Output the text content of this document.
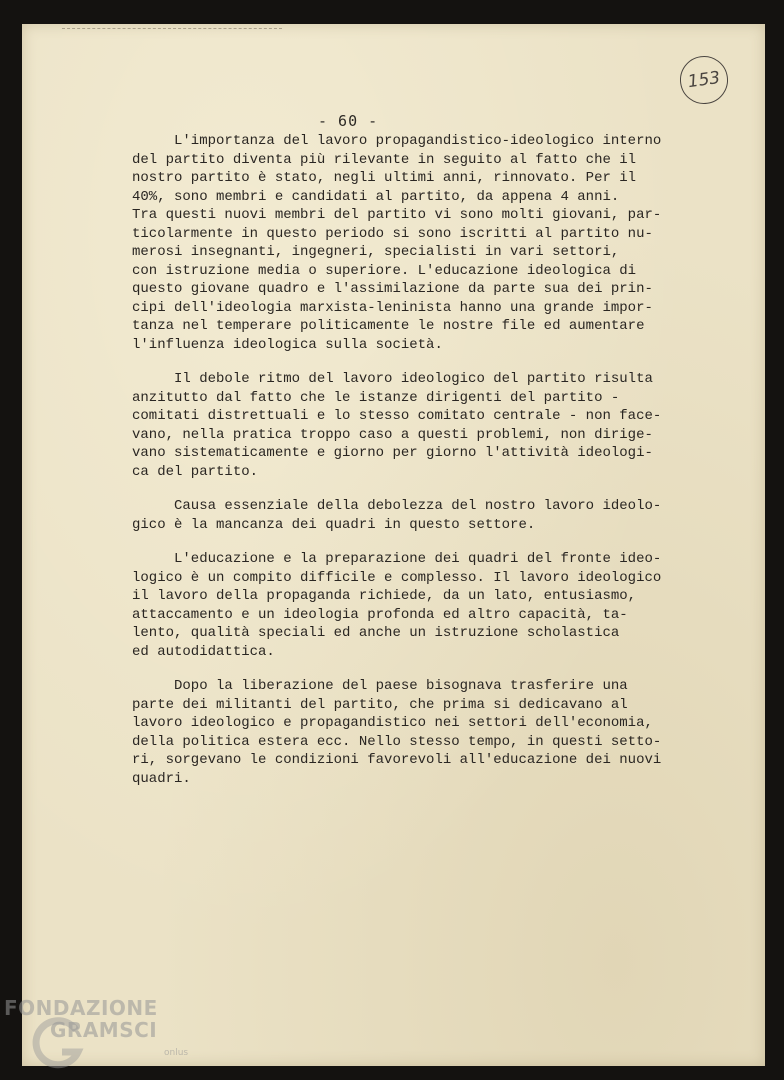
153
- 60 -

L'importanza del lavoro propagandistico-ideologico interno
del partito diventa più rilevante in seguito al fatto che il
nostro partito è stato, negli ultimi anni, rinnovato. Per il
40%, sono membri e candidati al partito, da appena 4 anni.
Tra questi nuovi membri del partito vi sono molti giovani, par-
ticolarmente in questo periodo si sono iscritti al partito nu-
merosi insegnanti, ingegneri, specialisti in vari settori,
con istruzione media o superiore. L'educazione ideologica di
questo giovane quadro e l'assimilazione da parte sua dei prin-
cipi dell'ideologia marxista-leninista hanno una grande impor-
tanza nel temperare politicamente le nostre file ed aumentare
l'influenza ideologica sulla società.

Il debole ritmo del lavoro ideologico del partito risulta
anzitutto dal fatto che le istanze dirigenti del partito -
comitati distrettuali e lo stesso comitato centrale - non face-
vano, nella pratica troppo caso a questi problemi, non dirige-
vano sistematicamente e giorno per giorno l'attività ideologi-
ca del partito.

Causa essenziale della debolezza del nostro lavoro ideolo-
gico è la mancanza dei quadri in questo settore.

L'educazione e la preparazione dei quadri del fronte ideo-
logico è un compito difficile e complesso. Il lavoro ideologico
il lavoro della propaganda richiede, da un lato, entusiasmo,
attaccamento e un ideologia profonda ed altro capacità, ta-
lento, qualità speciali ed anche un istruzione scholastica
ed autodidattica.

Dopo la liberazione del paese bisognava trasferire una
parte dei militanti del partito, che prima si dedicavano al
lavoro ideologico e propagandistico nei settori dell'economia,
della politica estera ecc. Nello stesso tempo, in questi setto-
ri, sorgevano le condizioni favorevoli all'educazione dei nuovi
quadri.

FONDAZIONE
GRAMSCI
onlus
